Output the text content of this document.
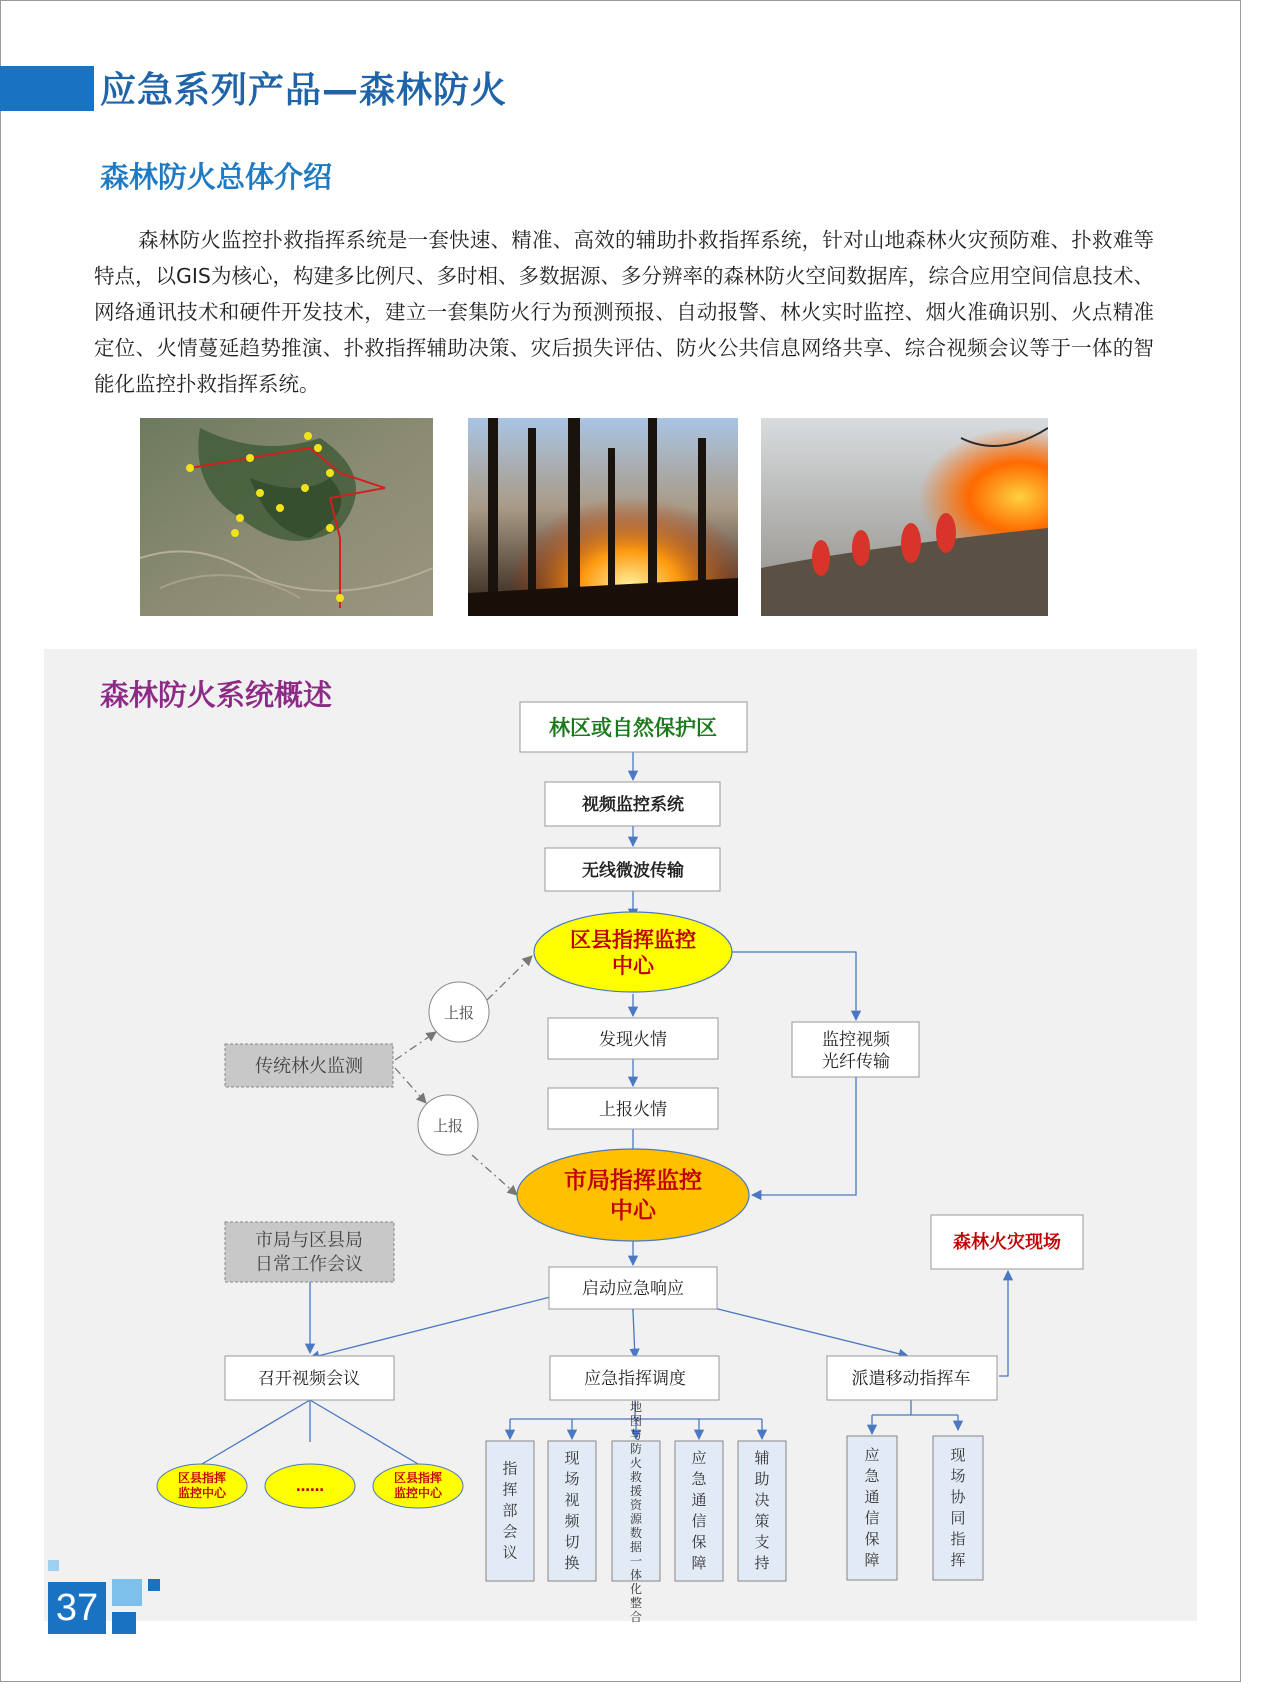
应急系列产品—森林防火
森林防火总体介绍
森林防火监控扑救指挥系统是一套快速、精准、高效的辅助扑救指挥系统，针对山地森林火灾预防难、扑救难等特点，以GIS为核心，构建多比例尺、多时相、多数据源、多分辨率的森林防火空间数据库，综合应用空间信息技术、网络通讯技术和硬件开发技术，建立一套集防火行为预测预报、自动报警、林火实时监控、烟火准确识别、火点精准定位、火情蔓延趋势推演、扑救指挥辅助决策、灾后损失评估、防火公共信息网络共享、综合视频会议等于一体的智能化监控扑救指挥系统。
森林防火系统概述
林区或自然保护区
视频监控系统
无线微波传输
区县指挥监控
中心
发现火情
上报火情
监控视频
光纤传输
传统林火监测
上报
上报
市局指挥监控
中心
市局与区县局
日常工作会议
启动应急响应
森林火灾现场
召开视频会议	应急指挥调度	派遣移动指挥车
区县指挥
监控中心	……
区县指挥
监控中心
指挥部会议
现场视频切换
地图与防火救援资源数据一体化整合
应急通信保障
辅助决策支持
应急通信保障
现场协同指挥
37
